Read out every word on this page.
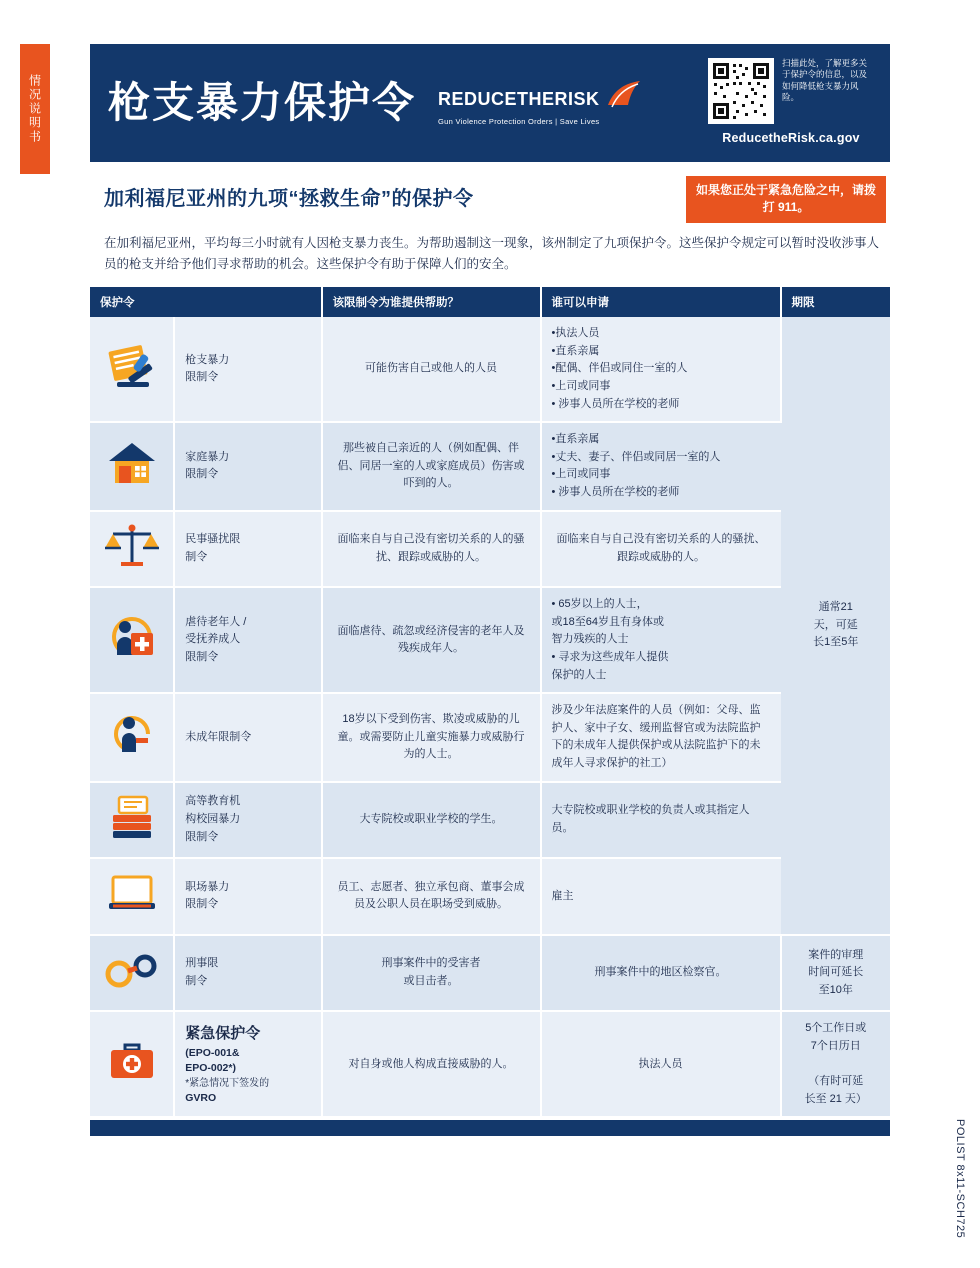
情况说明书
POLIST 8x11-SCH725
枪支暴力保护令 REDUCE THE RISK
Gun Violence Protection Orders | Save Lives
扫描此处，了解更多关于保护令的信息，以及如何降低枪支暴力风险。
ReducetheRisk.ca.gov
加利福尼亚州的九项“拯救生命”的保护令	如果您正处于紧急危险之中，请拨打 911。
在加利福尼亚州，平均每三小时就有人因枪支暴力丧生。为帮助遏制这一现象，该州制定了九项保护令。这些保护令规定可以暂时没收涉事人员的枪支并给予他们寻求帮助的机会。这些保护令有助于保障人们的安全。
保护令		该限制令为谁提供帮助？	谁可以申请	期限
	枪支暴力
限制令	可能伤害自己或他人的人员	•执法人员
•直系亲属
•配偶、伴侣或同住一室的人
•上司或同事
• 涉事人员所在学校的老师	通常21
天，可延
长1至5年
	家庭暴力
限制令	那些被自己亲近的人（例如配偶、伴侣、同居一室的人或家庭成员）伤害或吓到的人。	•直系亲属
•丈夫、妻子、伴侣或同居一室的人
•上司或同事
• 涉事人员所在学校的老师	
	民事骚扰限
制令	面临来自与自己没有密切关系的人的骚扰、跟踪或威胁的人。	面临来自与自己没有密切关系的人的骚扰、跟踪或威胁的人。	
	虐待老年人 /
受抚养成人
限制令	面临虐待、疏忽或经济侵害的老年人及残疾成年人。	• 65岁以上的人士，
或18至64岁且有身体或
智力残疾的人士
• 寻求为这些成年人提供
保护的人士	
	未成年限制令	18岁以下受到伤害、欺凌或威胁的儿童。或需要防止儿童实施暴力或威胁行为的人士。	涉及少年法庭案件的人员（例如：父母、监护人、家中子女、缓刑监督官或为法院监护下的未成年人提供保护或从法院监护下的未成年人寻求保护的社工）	
	高等教育机
构校园暴力
限制令	大专院校或职业学校的学生。	大专院校或职业学校的负责人或其指定人员。	
	职场暴力
限制令	员工、志愿者、独立承包商、董事会成员及公职人员在职场受到威胁。	雇主	
	刑事限
制令	刑事案件中的受害者
或目击者。	刑事案件中的地区检察官。	案件的审理
时间可延长
至10年

紧急保护令
(EPO-001&
EPO-002*)
*紧急情况下签发的
GVRO
	对自身或他人构成直接威胁的人。	执法人员	5个工作日或
7个日历日

（有时可延
长至 21 天）
